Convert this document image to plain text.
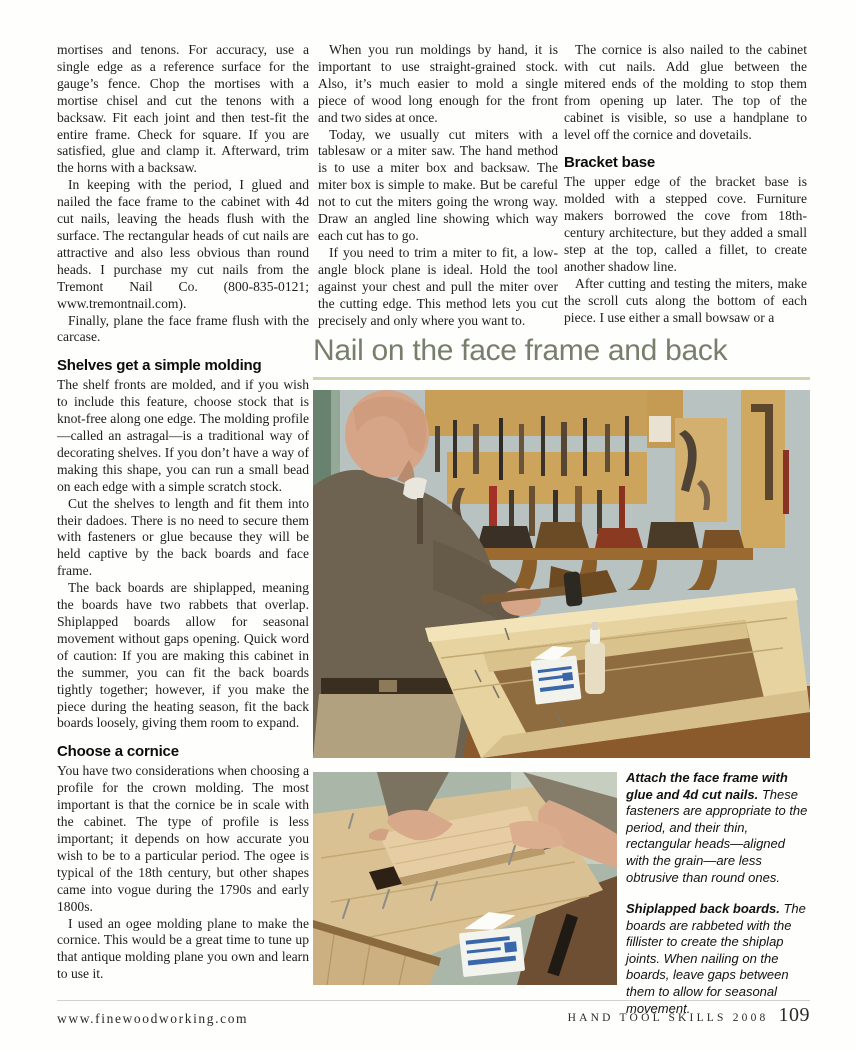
mortises and tenons. For accuracy, use a single edge as a reference surface for the gauge’s fence. Chop the mortises with a mortise chisel and cut the tenons with a backsaw. Fit each joint and then test-fit the entire frame. Check for square. If you are satisfied, glue and clamp it. Afterward, trim the horns with a backsaw.

In keeping with the period, I glued and nailed the face frame to the cabinet with 4d cut nails, leaving the heads flush with the surface. The rectangular heads of cut nails are attractive and also less obvious than round heads. I purchase my cut nails from the Tremont Nail Co. (800-835-0121; www.tremontnail.com).

Finally, plane the face frame flush with the carcase.

Shelves get a simple molding

The shelf fronts are molded, and if you wish to include this feature, choose stock that is knot-free along one edge. The molding profile—called an astragal—is a traditional way of decorating shelves. If you don’t have a way of making this shape, you can run a small bead on each edge with a simple scratch stock.

Cut the shelves to length and fit them into their dadoes. There is no need to secure them with fasteners or glue because they will be held captive by the back boards and face frame.

The back boards are shiplapped, meaning the boards have two rabbets that overlap. Shiplapped boards allow for seasonal movement without gaps opening. Quick word of caution: If you are making this cabinet in the summer, you can fit the back boards tightly together; however, if you make the piece during the heating season, fit the back boards loosely, giving them room to expand.

Choose a cornice

You have two considerations when choosing a profile for the crown molding. The most important is that the cornice be in scale with the cabinet. The type of profile is less important; it depends on how accurate you wish to be to a particular period. The ogee is typical of the 18th century, but other shapes came into vogue during the 1790s and early 1800s.

I used an ogee molding plane to make the cornice. This would be a great time to tune up that antique molding plane you own and learn to use it.

When you run moldings by hand, it is important to use straight-grained stock. Also, it’s much easier to mold a single piece of wood long enough for the front and two sides at once.

Today, we usually cut miters with a tablesaw or a miter saw. The hand method is to use a miter box and backsaw. The miter box is simple to make. But be careful not to cut the miters going the wrong way. Draw an angled line showing which way each cut has to go.

If you need to trim a miter to fit, a low-angle block plane is ideal. Hold the tool against your chest and pull the miter over the cutting edge. This method lets you cut precisely and only where you want to.

The cornice is also nailed to the cabinet with cut nails. Add glue between the mitered ends of the molding to stop them from opening up later. The top of the cabinet is visible, so use a handplane to level off the cornice and dovetails.

Bracket base

The upper edge of the bracket base is molded with a stepped cove. Furniture makers borrowed the cove from 18th-century architecture, but they added a small step at the top, called a fillet, to create another shadow line.

After cutting and testing the miters, make the scroll cuts along the bottom of each piece. I use either a small bowsaw or a

Nail on the face frame and back

Attach the face frame with glue and 4d cut nails. These fasteners are appropriate to the period, and their thin, rectangular heads—aligned with the grain—are less obtrusive than round ones.

Shiplapped back boards. The boards are rabbeted with the fillister to create the shiplap joints. When nailing on the boards, leave gaps between them to allow for seasonal movement.

www.finewoodworking.com	HAND TOOL SKILLS 2008 109
